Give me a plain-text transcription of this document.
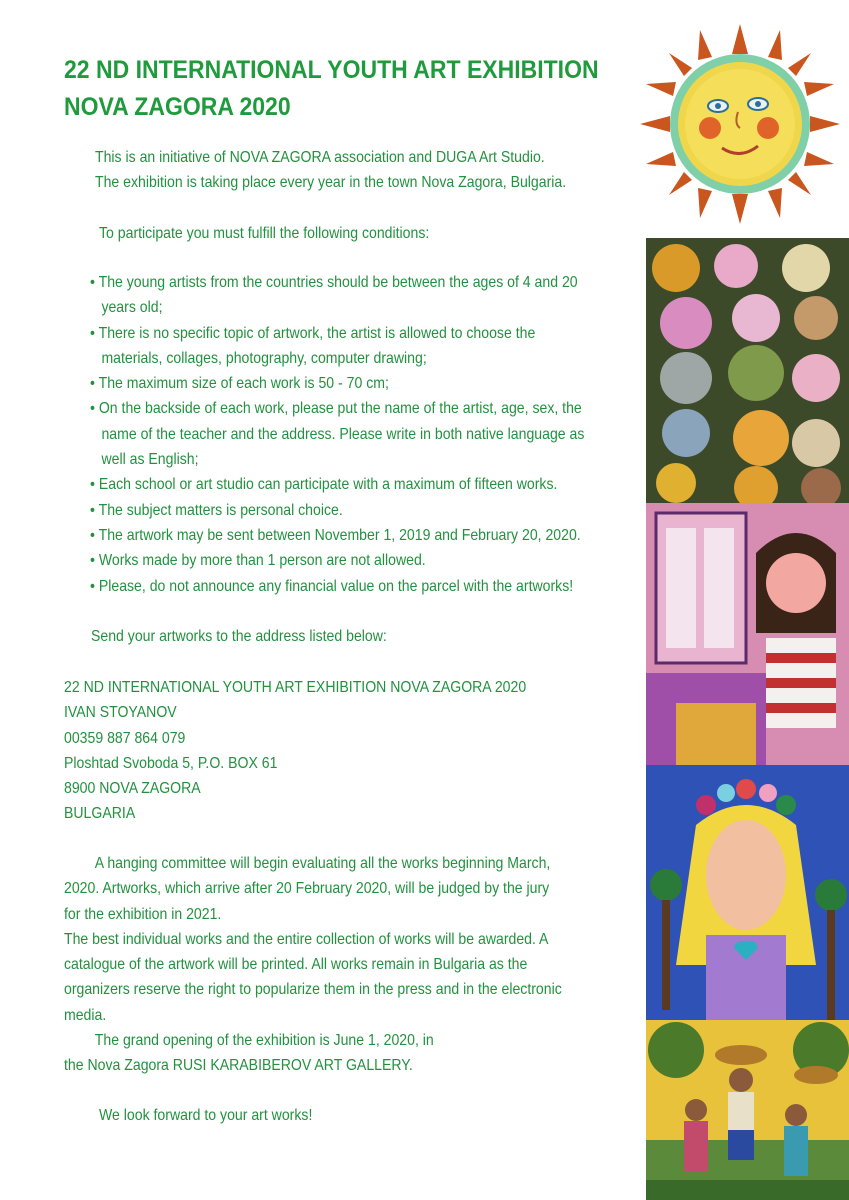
22 ND INTERNATIONAL YOUTH ART EXHIBITION
NOVA ZAGORA 2020
This is an initiative of NOVA ZAGORA association and DUGA Art Studio.
The exhibition is taking place every year in the town Nova Zagora, Bulgaria.
To participate you must fulfill the following conditions:
• The young artists from the countries should be between the ages of 4 and 20
years old;
• There is no specific topic of artwork, the artist is allowed to choose the
materials, collages, photography, computer drawing;
• The maximum size of each work is 50 - 70 cm;
• On the backside of each work, please put the name of the artist, age, sex, the
name of the teacher and the address. Please write in both native language as
well as English;
• Each school or art studio can participate with a maximum of fifteen works.
• The subject matters is personal choice.
• The artwork may be sent between November 1, 2019 and February 20, 2020.
• Works made by more than 1 person are not allowed.
• Please, do not announce any financial value on the parcel with the artworks!
Send your artworks to the address listed below:
22 ND INTERNATIONAL YOUTH ART EXHIBITION NOVA ZAGORA 2020
IVAN STOYANOV
00359 887 864 079
Ploshtad Svoboda 5, P.O. BOX 61
8900 NOVA ZAGORA
BULGARIA
A hanging committee will begin evaluating all the works beginning March,
2020. Artworks, which arrive after 20 February 2020, will be judged by the jury
for the exhibition in 2021.
The best individual works and the entire collection of works will be awarded. A
catalogue of the artwork will be printed. All works remain in Bulgaria as the
organizers reserve the right to popularize them in the press and in the electronic
media.
The grand opening of the exhibition is June 1, 2020, in
the Nova Zagora RUSI KARABIBEROV ART GALLERY.
We look forward to your art works!
